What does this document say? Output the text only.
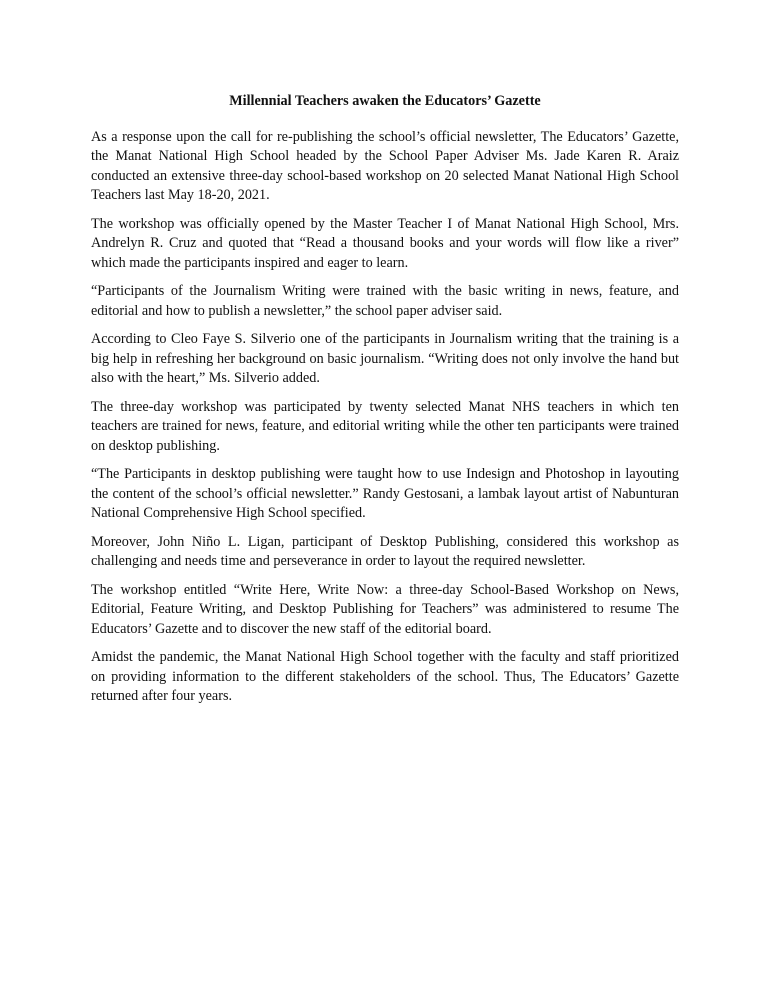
Millennial Teachers awaken the Educators’ Gazette

As a response upon the call for re-publishing the school’s official newsletter, The Educators’ Gazette, the Manat National High School headed by the School Paper Adviser Ms. Jade Karen R. Araiz conducted an extensive three-day school-based workshop on 20 selected Manat National High School Teachers last May 18-20, 2021.

The workshop was officially opened by the Master Teacher I of Manat National High School, Mrs. Andrelyn R. Cruz and quoted that “Read a thousand books and your words will flow like a river” which made the participants inspired and eager to learn.

“Participants of the Journalism Writing were trained with the basic writing in news, feature, and editorial and how to publish a newsletter,” the school paper adviser said.

According to Cleo Faye S. Silverio one of the participants in Journalism writing that the training is a big help in refreshing her background on basic journalism. “Writing does not only involve the hand but also with the heart,” Ms. Silverio added.

The three-day workshop was participated by twenty selected Manat NHS teachers in which ten teachers are trained for news, feature, and editorial writing while the other ten participants were trained on desktop publishing.

“The Participants in desktop publishing were taught how to use Indesign and Photoshop in layouting the content of the school’s official newsletter.” Randy Gestosani, a lambak layout artist of Nabunturan National Comprehensive High School specified.

Moreover, John Niño L. Ligan, participant of Desktop Publishing, considered this workshop as challenging and needs time and perseverance in order to layout the required newsletter.

The workshop entitled “Write Here, Write Now: a three-day School-Based Workshop on News, Editorial, Feature Writing, and Desktop Publishing for Teachers” was administered to resume The Educators’ Gazette and to discover the new staff of the editorial board.

Amidst the pandemic, the Manat National High School together with the faculty and staff prioritized on providing information to the different stakeholders of the school. Thus, The Educators’ Gazette returned after four years.
